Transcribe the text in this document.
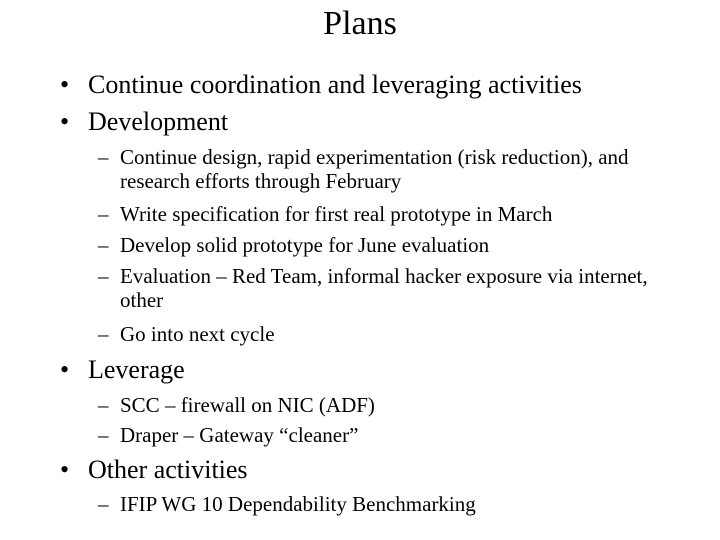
Plans
• Continue coordination and leveraging activities
• Development
– Continue design, rapid experimentation (risk reduction), and research efforts through February
– Write specification for first real prototype in March
– Develop solid prototype for June evaluation
– Evaluation – Red Team, informal hacker exposure via internet, other
– Go into next cycle
• Leverage
– SCC – firewall on NIC (ADF)
– Draper – Gateway “cleaner”
• Other activities
– IFIP WG 10 Dependability Benchmarking
